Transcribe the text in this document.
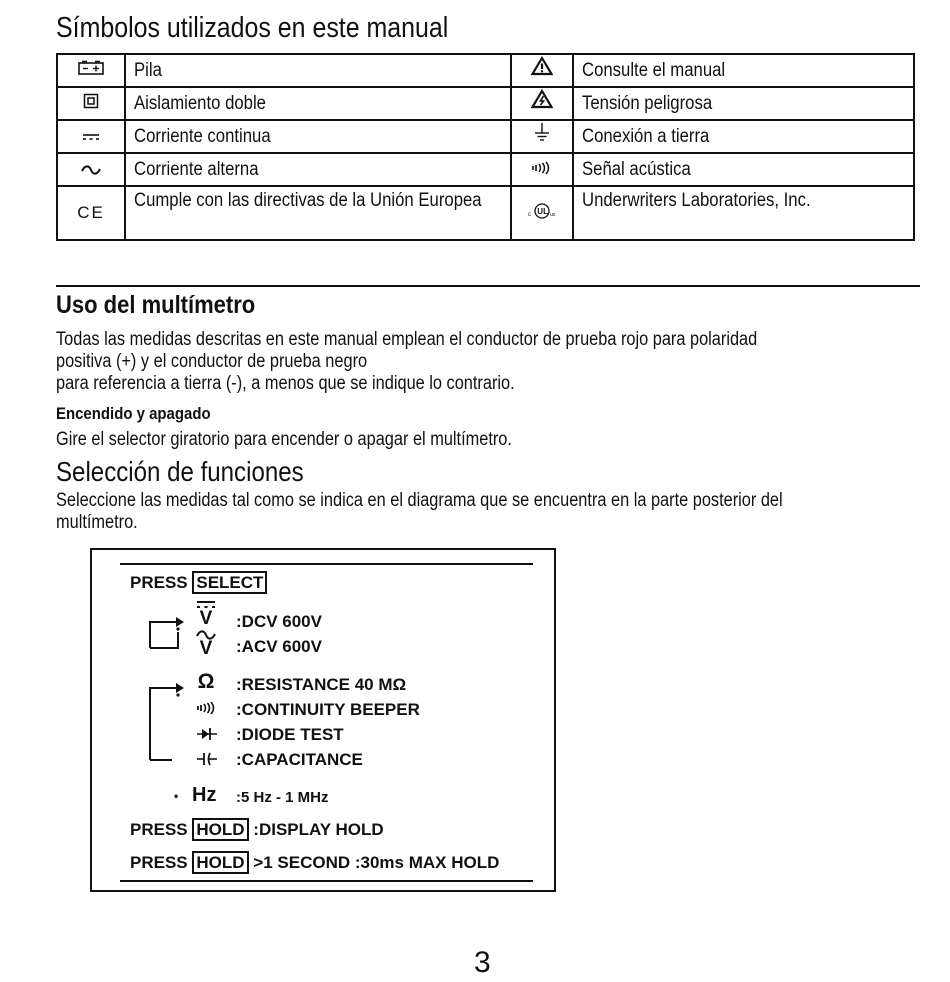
Símbolos utilizados en este manual
	Pila		Consulte el manual
	Aislamiento doble		Tensión peligrosa
	Corriente continua		Conexión a tierra
	Corriente alterna		Señal acústica
CE	Cumple con las directivas de la Unión Europea	c UL us	Underwriters Laboratories, Inc.
Uso del multímetro
Todas las medidas descritas en este manual emplean el conductor de prueba rojo para polaridad
positiva (+) y el conductor de prueba negro
para referencia a tierra (-), a menos que se indique lo contrario.
Encendido y apagado
Gire el selector giratorio para encender o apagar el multímetro.
Selección de funciones
Seleccione las medidas tal como se indica en el diagrama que se encuentra en la parte posterior del
multímetro.
PRESS SELECT
V :DCV 600V
V :ACV 600V
Ω :RESISTANCE 40 MΩ
:CONTINUITY BEEPER
:DIODE TEST
:CAPACITANCE
• Hz :5 Hz - 1 MHz
PRESS HOLD :DISPLAY HOLD
PRESS HOLD >1 SECOND :30ms MAX HOLD
3
